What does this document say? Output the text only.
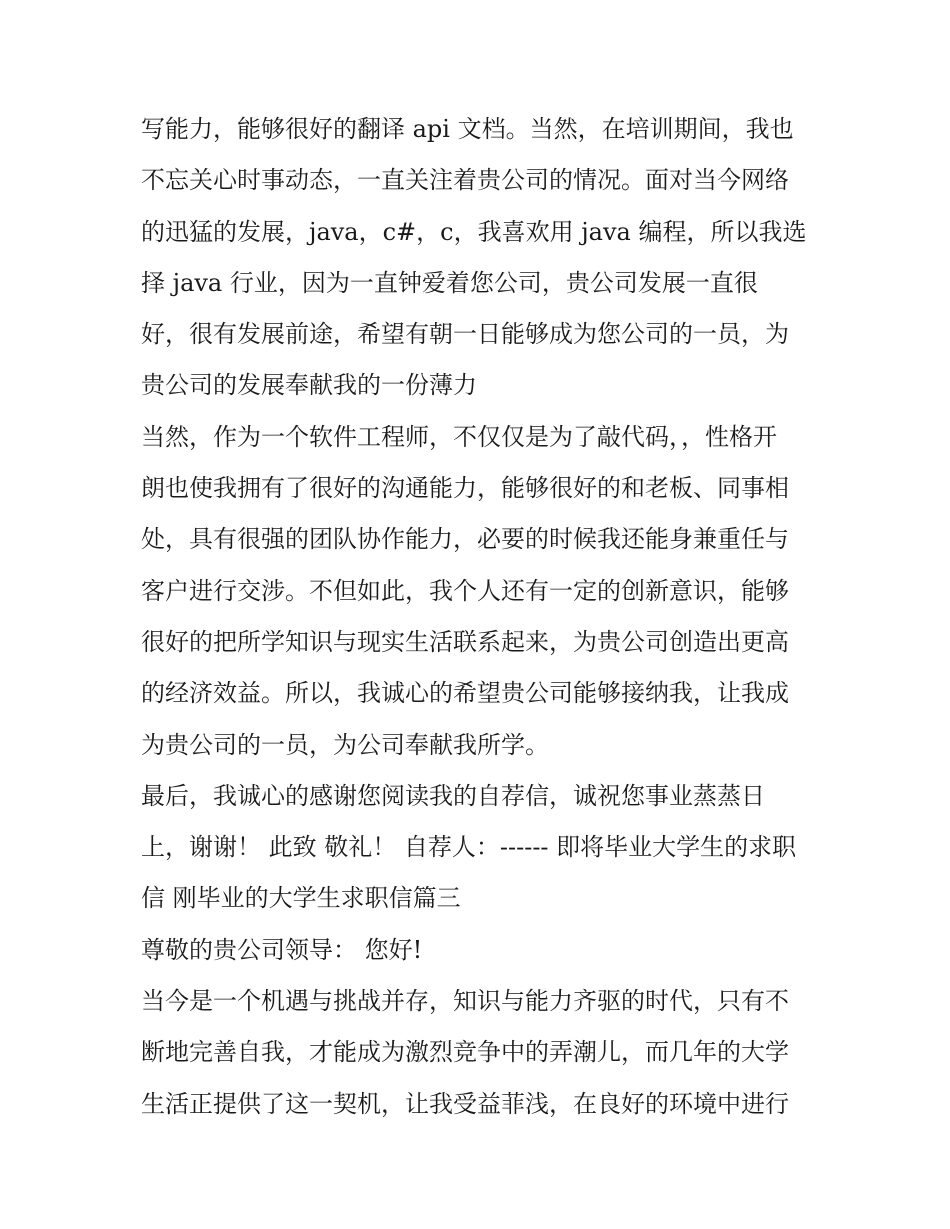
写能力，能够很好的翻译 api 文档。当然，在培训期间，我也
不忘关心时事动态，一直关注着贵公司的情况。面对当今网络
的迅猛的发展，java，c#，c，我喜欢用 java 编程，所以我选
择 java 行业，因为一直钟爱着您公司，贵公司发展一直很
好，很有发展前途，希望有朝一日能够成为您公司的一员，为
贵公司的发展奉献我的一份薄力
当然，作为一个软件工程师，不仅仅是为了敲代码，，性格开
朗也使我拥有了很好的沟通能力，能够很好的和老板、同事相
处，具有很强的团队协作能力，必要的时候我还能身兼重任与
客户进行交涉。不但如此，我个人还有一定的创新意识，能够
很好的把所学知识与现实生活联系起来，为贵公司创造出更高
的经济效益。所以，我诚心的希望贵公司能够接纳我，让我成
为贵公司的一员，为公司奉献我所学。
最后，我诚心的感谢您阅读我的自荐信，诚祝您事业蒸蒸日
上，谢谢！ 此致 敬礼！ 自荐人：------ 即将毕业大学生的求职
信 刚毕业的大学生求职信篇三
尊敬的贵公司领导： 您好!
当今是一个机遇与挑战并存，知识与能力齐驱的时代，只有不
断地完善自我，才能成为激烈竞争中的弄潮儿，而几年的大学
生活正提供了这一契机，让我受益菲浅，在良好的环境中进行
